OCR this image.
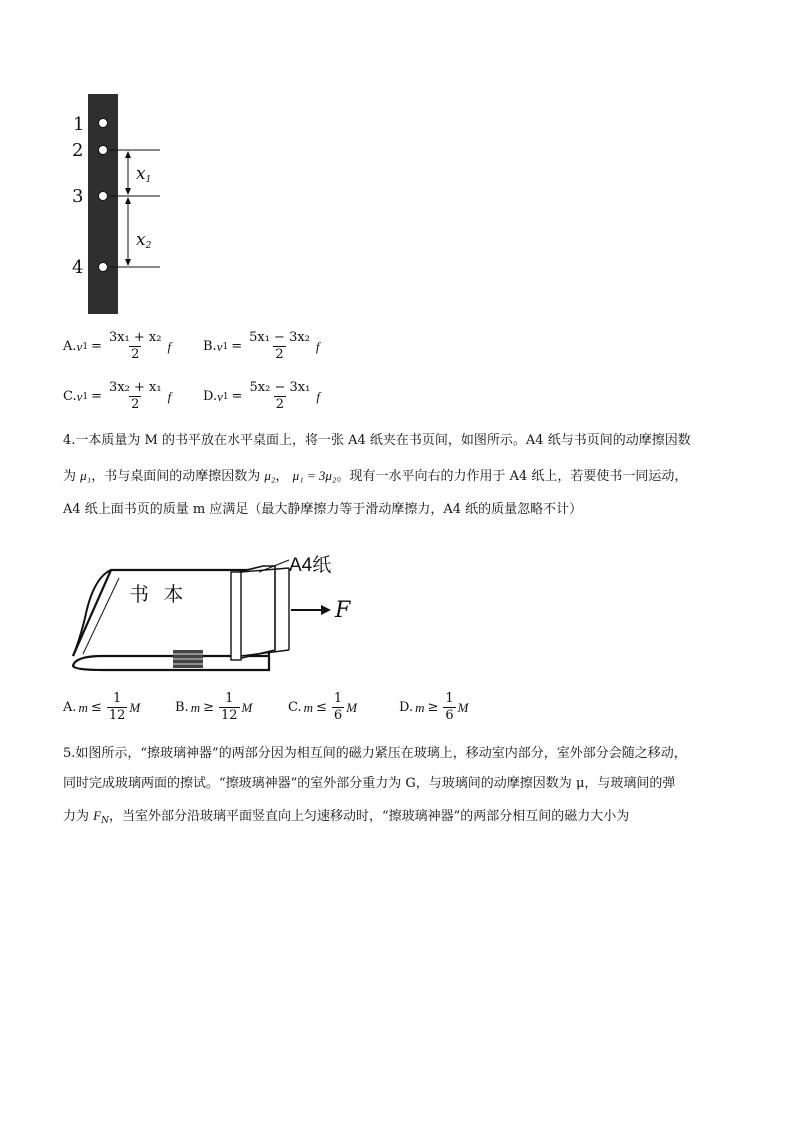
1
2
3
4
$x_1$
$x_2$
A. v $1 = \frac{\text{3x₁ + x₂}}{2}$ f B. v $1 = \frac{\text{5x₁ − 3x₂}}{2}$ f
C. v $1 = \frac{\text{3x₂ + x₁}}{2}$ f D. v $1 = \frac{\text{5x₂ − 3x₁}}{2}$ f
4.一本质量为 M 的书平放在水平桌面上，将一张 A4 纸夹在书页间，如图所示。A4 纸与书页间的动摩擦因数
为 μ₁，书与桌面间的动摩擦因数为 μ₂， μ₁ = 3μ₂。现有一水平向右的力作用于 A4 纸上，若要使书一同运动，
A4 纸上面书页的质量 m 应满足（最大静摩擦力等于滑动摩擦力，A4 纸的质量忽略不计）
书 本
A4纸
F
A. $m \le \frac{1}{12}$ M	B. $m \ge \frac{1}{12}$ M	C. $m \le \frac{1}{6}$ M	D. $m \ge \frac{1}{6}$ M
5.如图所示，“擦玻璃神器”的两部分因为相互间的磁力紧压在玻璃上，移动室内部分，室外部分会随之移动，
同时完成玻璃两面的擦试。“擦玻璃神器”的室外部分重力为 G，与玻璃间的动摩擦因数为 μ，与玻璃间的弹
力为 $F_N$，当室外部分沿玻璃平面竖直向上匀速移动时，“擦玻璃神器”的两部分相互间的磁力大小为
